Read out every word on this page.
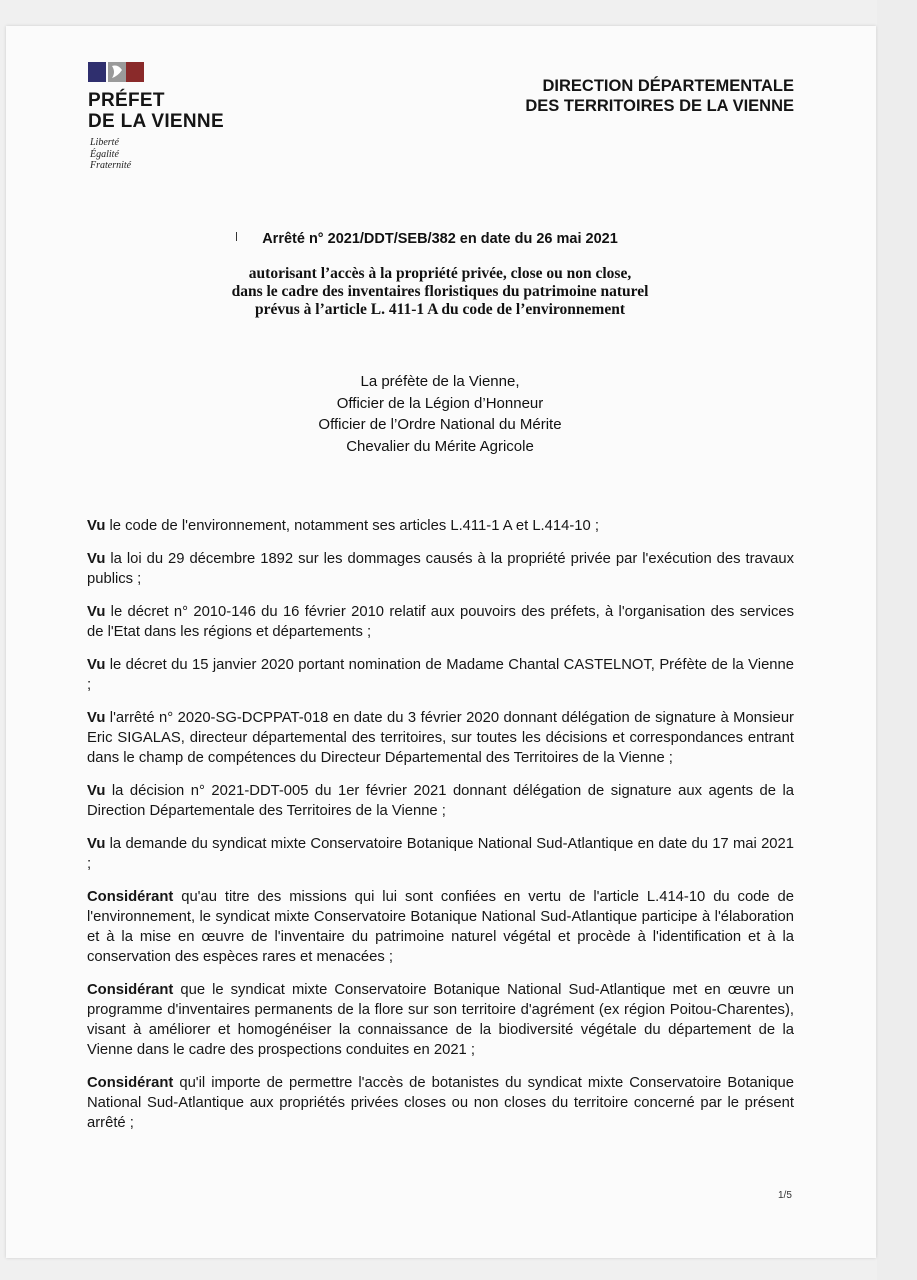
PRÉFET
DE LA VIENNE
Liberté
Égalité
Fraternité
DIRECTION DÉPARTEMENTALE
DES TERRITOIRES DE LA VIENNE
Arrêté n° 2021/DDT/SEB/382 en date du 26 mai 2021
autorisant l’accès à la propriété privée, close ou non close,
dans le cadre des inventaires floristiques du patrimoine naturel
prévus à l’article L. 411-1 A du code de l’environnement
La préfète de la Vienne,
Officier de la Légion d’Honneur
Officier de l’Ordre National du Mérite
Chevalier du Mérite Agricole

Vu le code de l'environnement, notamment ses articles L.411-1 A et L.414-10 ;

Vu la loi du 29 décembre 1892 sur les dommages causés à la propriété privée par l'exécution des travaux publics ;

Vu le décret n° 2010-146 du 16 février 2010 relatif aux pouvoirs des préfets, à l'organisation des services de l'Etat dans les régions et départements ;

Vu le décret du 15 janvier 2020 portant nomination de Madame Chantal CASTELNOT, Préfète de la Vienne ;

Vu l'arrêté n° 2020-SG-DCPPAT-018 en date du 3 février 2020 donnant délégation de signature à Monsieur Eric SIGALAS, directeur départemental des territoires, sur toutes les décisions et correspondances entrant dans le champ de compétences du Directeur Départemental des Territoires de la Vienne ;

Vu la décision n° 2021-DDT-005 du 1er février 2021 donnant délégation de signature aux agents de la Direction Départementale des Territoires de la Vienne ;

Vu la demande du syndicat mixte Conservatoire Botanique National Sud-Atlantique en date du 17 mai 2021 ;

Considérant qu'au titre des missions qui lui sont confiées en vertu de l'article L.414-10 du code de l'environnement, le syndicat mixte Conservatoire Botanique National Sud-Atlantique participe à l'élaboration et à la mise en œuvre de l'inventaire du patrimoine naturel végétal et procède à l'identification et à la conservation des espèces rares et menacées ;

Considérant que le syndicat mixte Conservatoire Botanique National Sud-Atlantique met en œuvre un programme d'inventaires permanents de la flore sur son territoire d'agrément (ex région Poitou-Charentes), visant à améliorer et homogénéiser la connaissance de la biodiversité végétale du département de la Vienne dans le cadre des prospections conduites en 2021 ;

Considérant qu'il importe de permettre l'accès de botanistes du syndicat mixte Conservatoire Botanique National Sud-Atlantique aux propriétés privées closes ou non closes du territoire concerné par le présent arrêté ;

1/5
